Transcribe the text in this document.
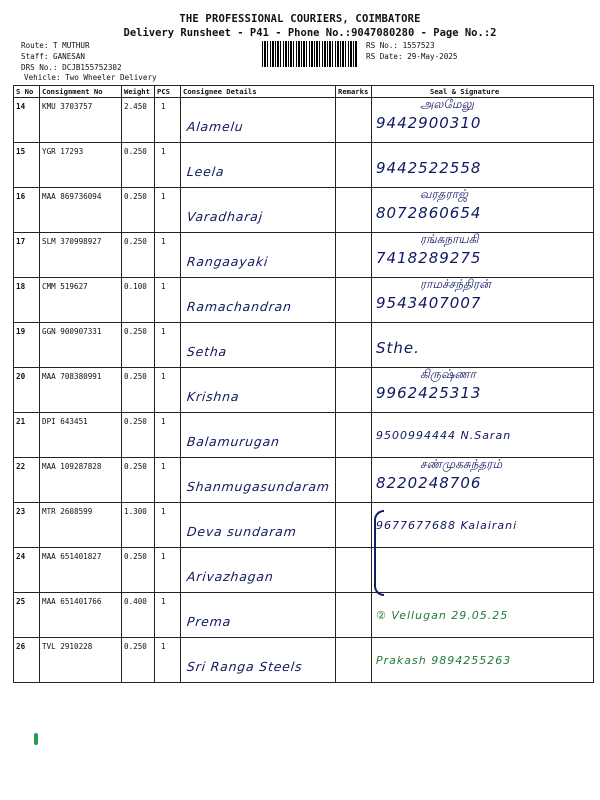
THE PROFESSIONAL COURIERS, COIMBATORE
Delivery Runsheet - P41 - Phone No.:9047080280 - Page No.:2
Route: T MUTHUR
Staff: GANESAN
DRS No.: DCJB155752302
Vehicle: Two Wheeler Delivery
RS No.: 1557523
RS Date: 29-May-2025
S No	Consignment No	Weight	PCS	Consignee Details	Remarks	Seal & Signature
14	KMU 3703757	2.450	1	Alamelu		அலமேலு
9442900310

15	YGR 17293	0.250	1	Leela		9442522558

16	MAA 869736094	0.250	1	Varadharaj		வரதராஜ்
8072860654

17	SLM 370998927	0.250	1	Rangaayaki		ரங்கநாயகி
7418289275

18	CMM 519627	0.100	1	Ramachandran		ராமச்சந்திரன்
9543407007

19	GGN 900907331	0.250	1	Setha		Sthe.

20	MAA 708380991	0.250	1	Krishna		கிருஷ்ணா
9962425313

21	DPI 643451	0.250	1	Balamurugan		9500994444 N.Saran

22	MAA 109287828	0.250	1	Shanmugasundaram		சண்முகசுந்தரம்
8220248706

23	MTR 2608599	1.300	1	Deva sundaram		9677677688 Kalairani

24	MAA 651401827	0.250	1	Arivazhagan		

25	MAA 651401766	0.400	1	Prema		② Vellugan 29.05.25

26	TVL 2910228	0.250	1	Sri Ranga Steels		Prakash 9894255263
